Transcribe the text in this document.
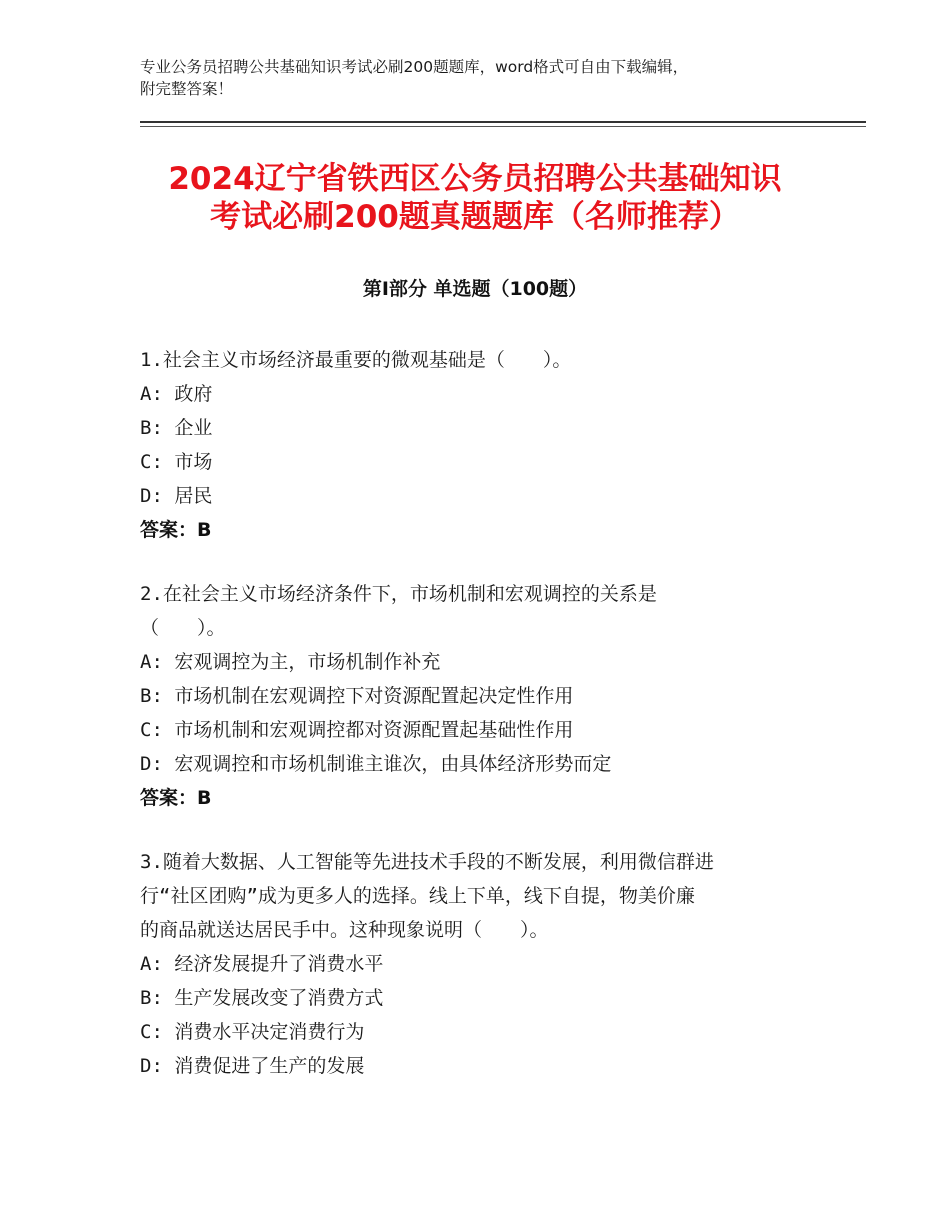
专业公务员招聘公共基础知识考试必刷200题题库，word格式可自由下载编辑，
附完整答案！
2024辽宁省铁西区公务员招聘公共基础知识
考试必刷200题真题题库（名师推荐）
第Ⅰ部分 单选题（100题）
1.社会主义市场经济最重要的微观基础是（　　）。
A: 政府
B: 企业
C: 市场
D: 居民
答案：B
2.在社会主义市场经济条件下，市场机制和宏观调控的关系是
（　　）。
A: 宏观调控为主，市场机制作补充
B: 市场机制在宏观调控下对资源配置起决定性作用
C: 市场机制和宏观调控都对资源配置起基础性作用
D: 宏观调控和市场机制谁主谁次，由具体经济形势而定
答案：B
3.随着大数据、人工智能等先进技术手段的不断发展，利用微信群进
行“社区团购”成为更多人的选择。线上下单，线下自提，物美价廉
的商品就送达居民手中。这种现象说明（　　）。
A: 经济发展提升了消费水平
B: 生产发展改变了消费方式
C: 消费水平决定消费行为
D: 消费促进了生产的发展
